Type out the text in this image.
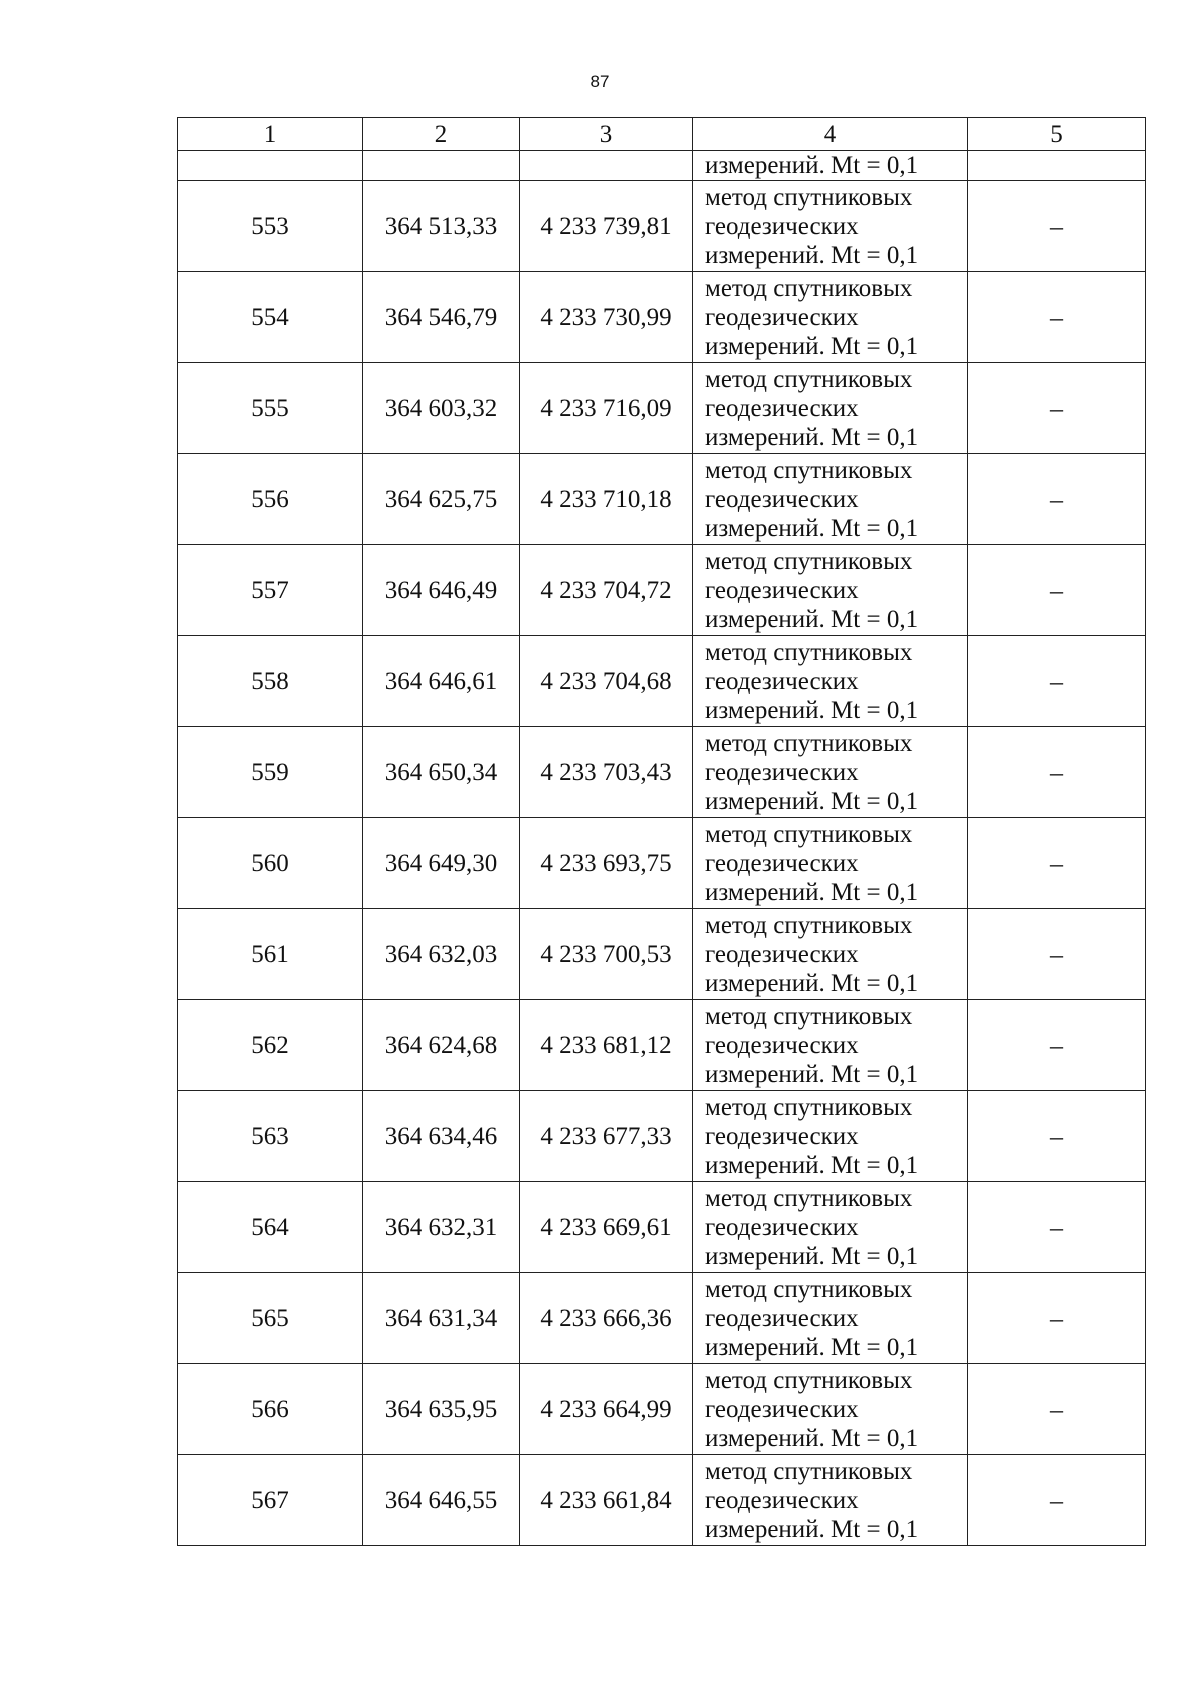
87
1	2	3	4	5
			измерений. Mt = 0,1	
553	364 513,33	4 233 739,81	метод спутниковых
геодезических
измерений. Mt = 0,1	–
554	364 546,79	4 233 730,99	метод спутниковых
геодезических
измерений. Mt = 0,1	–
555	364 603,32	4 233 716,09	метод спутниковых
геодезических
измерений. Mt = 0,1	–
556	364 625,75	4 233 710,18	метод спутниковых
геодезических
измерений. Mt = 0,1	–
557	364 646,49	4 233 704,72	метод спутниковых
геодезических
измерений. Mt = 0,1	–
558	364 646,61	4 233 704,68	метод спутниковых
геодезических
измерений. Mt = 0,1	–
559	364 650,34	4 233 703,43	метод спутниковых
геодезических
измерений. Mt = 0,1	–
560	364 649,30	4 233 693,75	метод спутниковых
геодезических
измерений. Mt = 0,1	–
561	364 632,03	4 233 700,53	метод спутниковых
геодезических
измерений. Mt = 0,1	–
562	364 624,68	4 233 681,12	метод спутниковых
геодезических
измерений. Mt = 0,1	–
563	364 634,46	4 233 677,33	метод спутниковых
геодезических
измерений. Mt = 0,1	–
564	364 632,31	4 233 669,61	метод спутниковых
геодезических
измерений. Mt = 0,1	–
565	364 631,34	4 233 666,36	метод спутниковых
геодезических
измерений. Mt = 0,1	–
566	364 635,95	4 233 664,99	метод спутниковых
геодезических
измерений. Mt = 0,1	–
567	364 646,55	4 233 661,84	метод спутниковых
геодезических
измерений. Mt = 0,1	–
